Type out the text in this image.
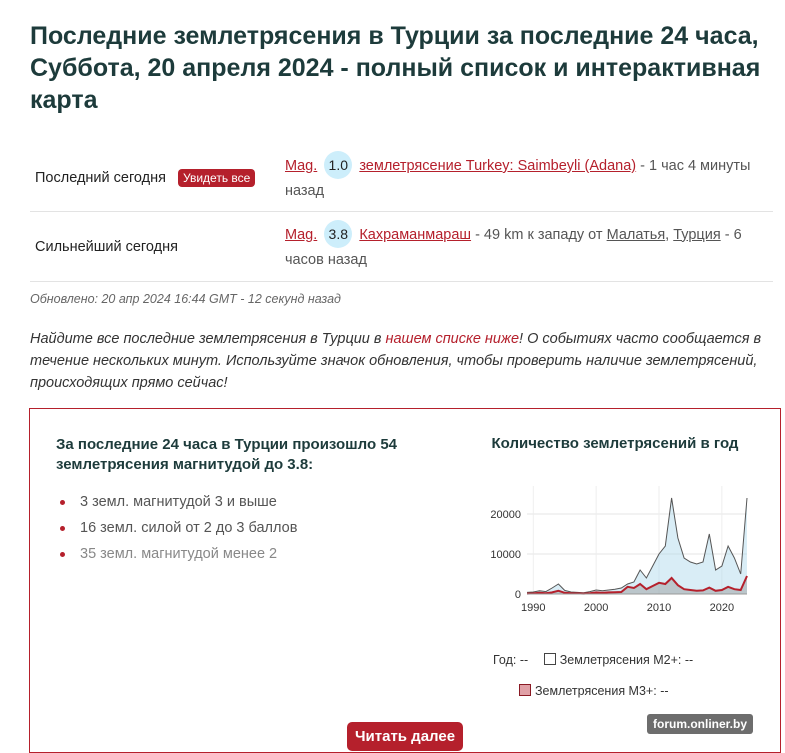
Последние землетрясения в Турции за последние 24 часа, Суббота, 20 апреля 2024 - полный список и интерактивная карта
Последний сегодня Увидеть все	Mag. 1.0 землетрясение Turkey: Saimbeyli (Adana) - 1 час 4 минуты назад
Сильнейший сегодня	Mag. 3.8 Кахраманмараш - 49 km к западу от Малатья, Турция - 6 часов назад
Обновлено: 20 апр 2024 16:44 GMT - 12 секунд назад

Найдите все последние землетрясения в Турции в нашем списке ниже! О событиях часто сообщается в течение нескольких минут. Используйте значок обновления, чтобы проверить наличие землетрясений, происходящих прямо сейчас!

За последние 24 часа в Турции произошло 54 землетрясения магнитудой до 3.8:
3 земл. магнитудой 3 и выше
16 земл. силой от 2 до 3 баллов
35 земл. магнитудой менее 2
Количество землетрясений в год
0
10000
20000
1990	2000	2010	2020
Год: --	Землетрясения М2+: --
Землетрясения М3+: --
Читать далее
forum.onliner.by
